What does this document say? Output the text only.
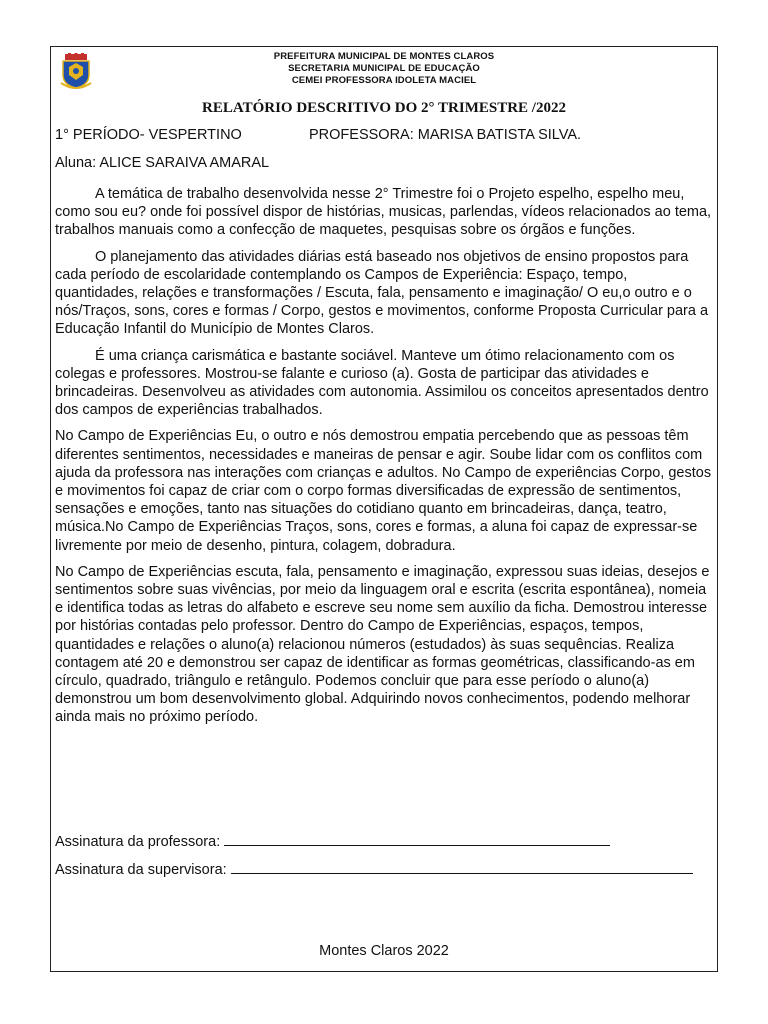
PREFEITURA MUNICIPAL DE MONTES CLAROS
SECRETARIA MUNICIPAL DE EDUCAÇÃO
CEMEI PROFESSORA IDOLETA MACIEL
RELATÓRIO DESCRITIVO DO 2° TRIMESTRE /2022
1° PERÍODO- VESPERTINO	PROFESSORA: MARISA BATISTA SILVA.
Aluna: ALICE SARAIVA AMARAL

A temática de trabalho desenvolvida nesse 2° Trimestre foi o Projeto espelho, espelho meu, como sou eu? onde foi possível dispor de histórias, musicas, parlendas, vídeos relacionados ao tema, trabalhos manuais como a confecção de maquetes, pesquisas sobre os órgãos e funções.

O planejamento das atividades diárias está baseado nos objetivos de ensino propostos para cada período de escolaridade contemplando os Campos de Experiência: Espaço, tempo, quantidades, relações e transformações / Escuta, fala, pensamento e imaginação/ O eu,o outro e o nós/Traços, sons, cores e formas / Corpo, gestos e movimentos, conforme Proposta Curricular para a Educação Infantil do Município de Montes Claros.

É uma criança carismática e bastante sociável. Manteve um ótimo relacionamento com os colegas e professores. Mostrou-se falante e curioso (a). Gosta de participar das atividades e brincadeiras. Desenvolveu as atividades com autonomia. Assimilou os conceitos apresentados dentro dos campos de experiências trabalhados.

No Campo de Experiências Eu, o outro e nós demostrou empatia percebendo que as pessoas têm diferentes sentimentos, necessidades e maneiras de pensar e agir. Soube lidar com os conflitos com ajuda da professora nas interações com crianças e adultos. No Campo de experiências Corpo, gestos e movimentos foi capaz de criar com o corpo formas diversificadas de expressão de sentimentos, sensações e emoções, tanto nas situações do cotidiano quanto em brincadeiras, dança, teatro, música.No Campo de Experiências Traços, sons, cores e formas, a aluna foi capaz de expressar-se livremente por meio de desenho, pintura, colagem, dobradura.

No Campo de Experiências escuta, fala, pensamento e imaginação, expressou suas ideias, desejos e sentimentos sobre suas vivências, por meio da linguagem oral e escrita (escrita espontânea), nomeia e identifica todas as letras do alfabeto e escreve seu nome sem auxílio da ficha. Demostrou interesse por histórias contadas pelo professor. Dentro do Campo de Experiências, espaços, tempos, quantidades e relações o aluno(a) relacionou números (estudados) às suas sequências. Realiza contagem até 20 e demonstrou ser capaz de identificar as formas geométricas, classificando-as em círculo, quadrado, triângulo e retângulo. Podemos concluir que para esse período o aluno(a) demonstrou um bom desenvolvimento global. Adquirindo novos conhecimentos, podendo melhorar ainda mais no próximo período.

Assinatura da professora:
Assinatura da supervisora:
Montes Claros 2022
